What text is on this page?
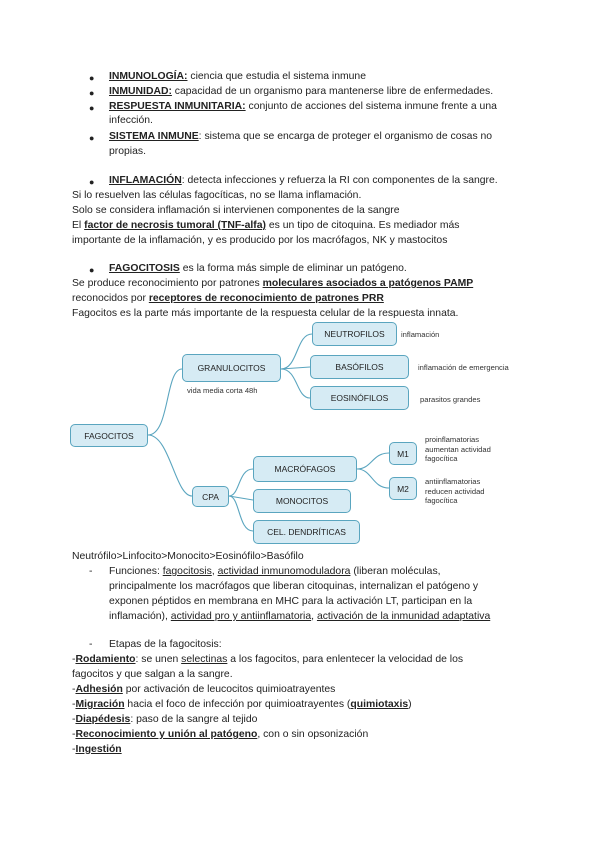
● INMUNOLOGÍA: ciencia que estudia el sistema inmune
● INMUNIDAD: capacidad de un organismo para mantenerse libre de enfermedades.
● RESPUESTA INMUNITARIA: conjunto de acciones del sistema inmune frente a una
infección.
● SISTEMA INMUNE: sistema que se encarga de proteger el organismo de cosas no
propias.
● INFLAMACIÓN: detecta infecciones y refuerza la RI con componentes de la sangre.
Si lo resuelven las células fagocíticas, no se llama inflamación.
Solo se considera inflamación si intervienen componentes de la sangre
El factor de necrosis tumoral (TNF-alfa) es un tipo de citoquina. Es mediador más
importante de la inflamación, y es producido por los macrófagos, NK y mastocitos
● FAGOCITOSIS es la forma más simple de eliminar un patógeno.
Se produce reconocimiento por patrones moleculares asociados a patógenos PAMP
reconocidos por receptores de reconocimiento de patrones PRR
Fagocitos es la parte más importante de la respuesta celular de la respuesta innata.
FAGOCITOS
GRANULOCITOS
vida media corta 48h
NEUTROFILOS	inflamación
BASÓFILOS	inflamación de emergencia
EOSINÓFILOS	parasitos grandes
CPA
MACRÓFAGOS
MONOCITOS
CEL. DENDRÍTICAS
M1
proinflamatorias
aumentan actividad
fagocítica
M2
antiinflamatorias
reducen actividad
fagocítica
Neutrófilo>Linfocito>Monocito>Eosinófilo>Basófilo
- Funciones: fagocitosis, actividad inmunomoduladora (liberan moléculas,
principalmente los macrófagos que liberan citoquinas, internalizan el patógeno y
exponen péptidos en membrana en MHC para la activación LT, participan en la
inflamación), actividad pro y antiinflamatoria, activación de la inmunidad adaptativa
- Etapas de la fagocitosis:
-Rodamiento: se unen selectinas a los fagocitos, para enlentecer la velocidad de los
fagocitos y que salgan a la sangre.
-Adhesión por activación de leucocitos quimioatrayentes
-Migración hacia el foco de infección por quimioatrayentes (quimiotaxis)
-Diapédesis: paso de la sangre al tejido
-Reconocimiento y unión al patógeno, con o sin opsonización
-Ingestión
